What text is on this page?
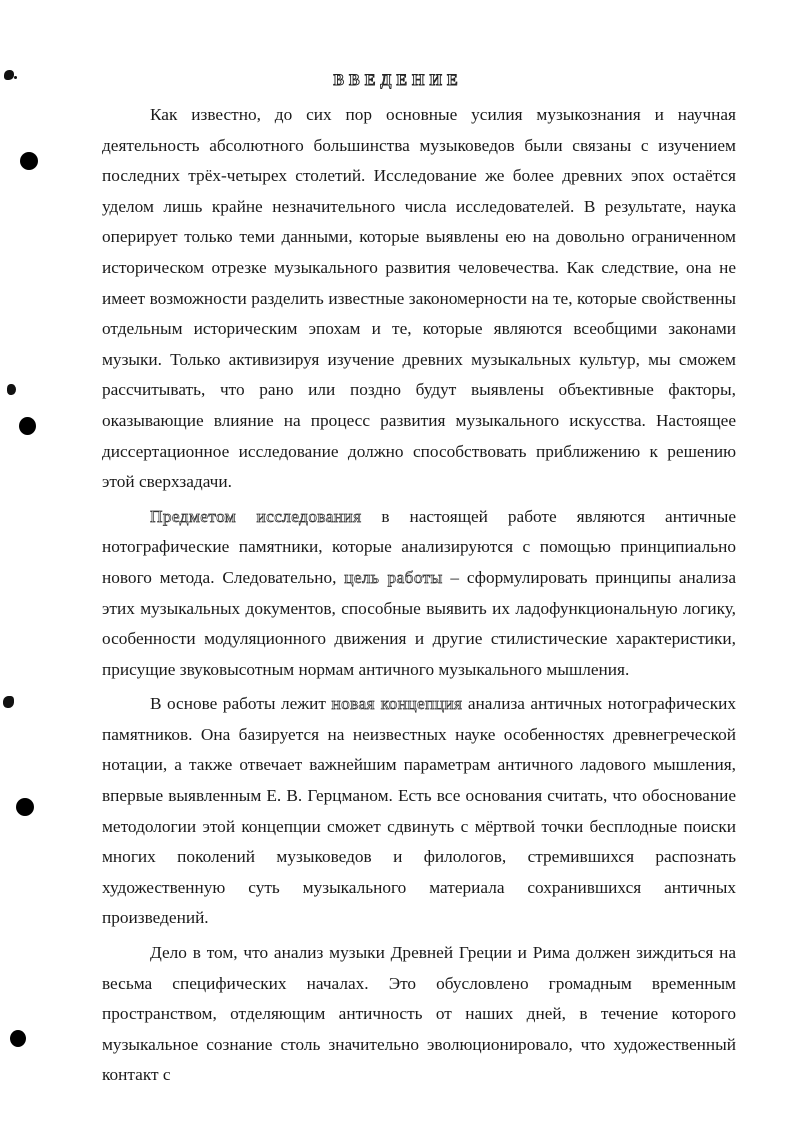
ВВЕДЕНИЕ

Как известно, до сих пор основные усилия музыкознания и научная деятельность абсолютного большинства музыковедов были связаны с изучением последних трёх-четырех столетий. Исследование же более древних эпох остаётся уделом лишь крайне незначительного числа исследователей. В результате, наука оперирует только теми данными, которые выявлены ею на довольно ограниченном историческом отрезке музыкального развития человечества. Как следствие, она не имеет возможности разделить известные закономерности на те, которые свойственны отдельным историческим эпохам и те, которые являются всеобщими законами музыки. Только активизируя изучение древних музыкальных культур, мы сможем рассчитывать, что рано или поздно будут выявлены объективные факторы, оказывающие влияние на процесс развития музыкального искусства. Настоящее диссертационное исследование должно способствовать приближению к решению этой сверхзадачи.

Предметом исследования в настоящей работе являются античные нотографические памятники, которые анализируются с помощью принципиально нового метода. Следовательно, цель работы – сформулировать принципы анализа этих музыкальных документов, способные выявить их ладофункциональную логику, особенности модуляционного движения и другие стилистические характеристики, присущие звуковысотным нормам античного музыкального мышления.

В основе работы лежит новая концепция анализа античных нотографических памятников. Она базируется на неизвестных науке особенностях древнегреческой нотации, а также отвечает важнейшим параметрам античного ладового мышления, впервые выявленным Е. В. Герцманом. Есть все основания считать, что обоснование методологии этой концепции сможет сдвинуть с мёртвой точки бесплодные поиски многих поколений музыковедов и филологов, стремившихся распознать художественную суть музыкального материала сохранившихся античных произведений.

Дело в том, что анализ музыки Древней Греции и Рима должен зиждиться на весьма специфических началах. Это обусловлено громадным временным пространством, отделяющим античность от наших дней, в течение которого музыкальное сознание столь значительно эволюционировало, что художественный контакт с
